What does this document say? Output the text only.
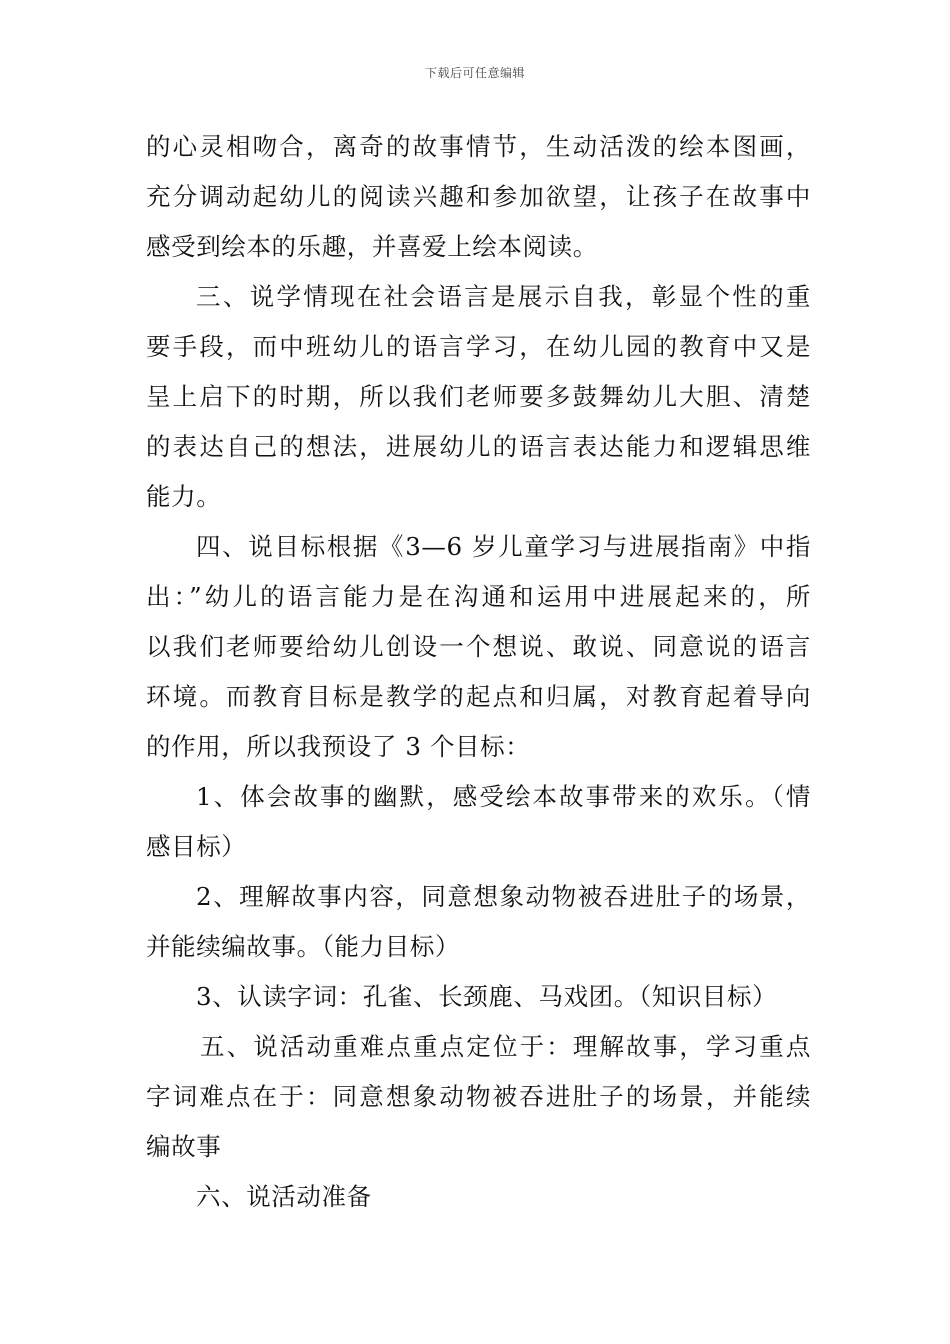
下载后可任意编辑
的心灵相吻合，离奇的故事情节，生动活泼的绘本图画，
充分调动起幼儿的阅读兴趣和参加欲望，让孩子在故事中
感受到绘本的乐趣，并喜爱上绘本阅读。
三、说学情现在社会语言是展示自我，彰显个性的重
要手段，而中班幼儿的语言学习，在幼儿园的教育中又是
呈上启下的时期，所以我们老师要多鼓舞幼儿大胆、清楚
的表达自己的想法，进展幼儿的语言表达能力和逻辑思维
能力。
四、说目标根据《3—6 岁儿童学习与进展指南》中指
出：”幼儿的语言能力是在沟通和运用中进展起来的，所
以我们老师要给幼儿创设一个想说、敢说、同意说的语言
环境。而教育目标是教学的起点和归属，对教育起着导向
的作用，所以我预设了 3 个目标：
1、体会故事的幽默，感受绘本故事带来的欢乐。（情
感目标）
2、理解故事内容，同意想象动物被吞进肚子的场景，
并能续编故事。（能力目标）
3、认读字词：孔雀、长颈鹿、马戏团。（知识目标）
五、说活动重难点重点定位于：理解故事，学习重点
字词难点在于：同意想象动物被吞进肚子的场景，并能续
编故事
六、说活动准备
